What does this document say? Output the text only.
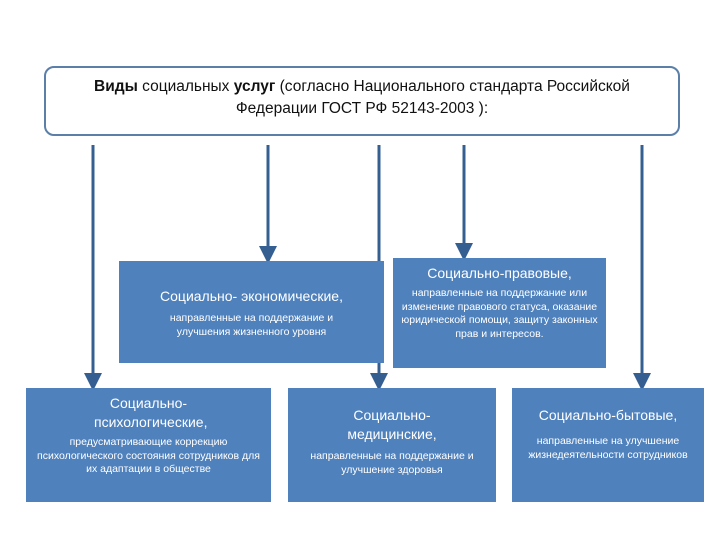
Виды социальных услуг (согласно Национального стандарта Российской
Федерации ГОСТ РФ 52143-2003 ):
Социально- экономические,
направленные на поддержание и улучшения жизненного уровня
Социально-правовые,
направленные на поддержание или изменение правового статуса, оказание юридической помощи, защиту законных прав и интересов.
Социально-психологические,
предусматривающие коррекцию психологического состояния сотрудников для их адаптации в обществе
Социально-медицинские,
направленные на поддержание и улучшение здоровья
Социально-бытовые,
направленные на улучшение жизнедеятельности сотрудников
